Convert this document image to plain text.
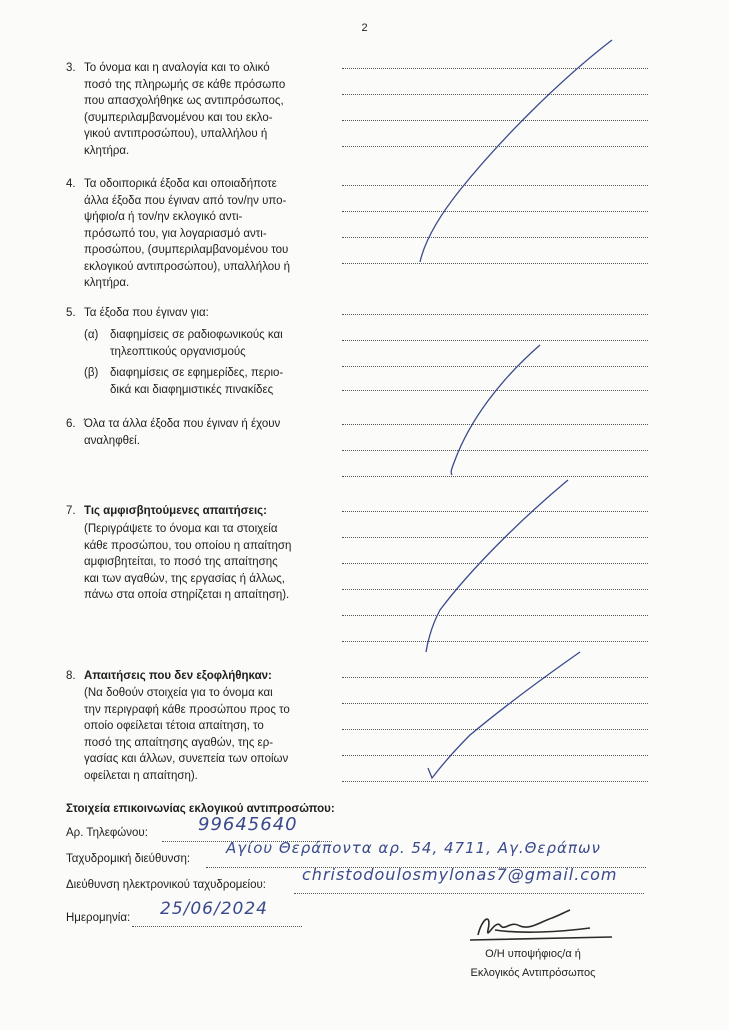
2
3. Το όνομα και η αναλογία και το ολικό
ποσό της πληρωμής σε κάθε πρόσωπο
που απασχολήθηκε ως αντιπρόσωπος,
(συμπεριλαμβανομένου και του εκλο-
γικού αντιπροσώπου), υπαλλήλου ή
κλητήρα.
4. Τα οδοιπορικά έξοδα και οποιαδήποτε
άλλα έξοδα που έγιναν από τον/ην υπο-
ψήφιο/α ή τον/ην εκλογικό αντι-
πρόσωπό του, για λογαριασμό αντι-
προσώπου, (συμπεριλαμβανομένου του
εκλογικού αντιπροσώπου), υπαλλήλου ή
κλητήρα.
5. Τα έξοδα που έγιναν για:
(α) διαφημίσεις σε ραδιοφωνικούς και
τηλεοπτικούς οργανισμούς
(β) διαφημίσεις σε εφημερίδες, περιο-
δικά και διαφημιστικές πινακίδες
6. Όλα τα άλλα έξοδα που έγιναν ή έχουν
αναληφθεί.
7. Τις αμφισβητούμενες απαιτήσεις:
(Περιγράψετε το όνομα και τα στοιχεία
κάθε προσώπου, του οποίου η απαίτηση
αμφισβητείται, το ποσό της απαίτησης
και των αγαθών, της εργασίας ή άλλως,
πάνω στα οποία στηρίζεται η απαίτηση).
8. Απαιτήσεις που δεν εξοφλήθηκαν:
(Να δοθούν στοιχεία για το όνομα και
την περιγραφή κάθε προσώπου προς το
οποίο οφείλεται τέτοια απαίτηση, το
ποσό της απαίτησης αγαθών, της ερ-
γασίας και άλλων, συνεπεία των οποίων
οφείλεται η απαίτηση).
Στοιχεία επικοινωνίας εκλογικού αντιπροσώπου:
Αρ. Τηλεφώνου:	99645640
Ταχυδρομική διεύθυνση:
Αγίου Θεράποντα αρ. 54, 4711, Αγ.Θεράπων
Διεύθυνση ηλεκτρονικού ταχυδρομείου:
christodoulosmylonas7@gmail.com
Ημερομηνία: 25/06/2024
Ο/Η υποψήφιος/α ή
Εκλογικός Αντιπρόσωπος
